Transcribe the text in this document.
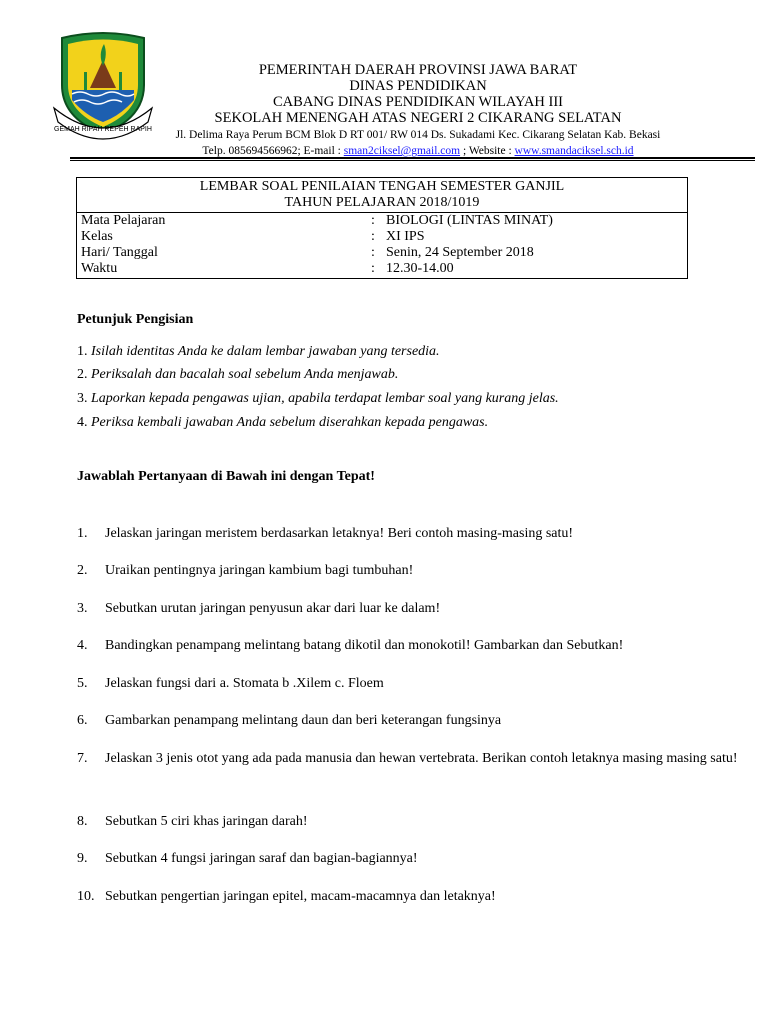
GEMAH RIPAH REPEH RAPIH
PEMERINTAH DAERAH PROVINSI JAWA BARAT
DINAS PENDIDIKAN
CABANG DINAS PENDIDIKAN WILAYAH III
SEKOLAH MENENGAH ATAS NEGERI 2 CIKARANG SELATAN
Jl. Delima Raya Perum BCM Blok D RT 001/ RW 014 Ds. Sukadami Kec. Cikarang Selatan Kab. Bekasi
Telp. 085694566962; E-mail : sman2ciksel@gmail.com ; Website : www.smandaciksel.sch.id
LEMBAR SOAL PENILAIAN TENGAH SEMESTER GANJIL
TAHUN PELAJARAN 2018/1019
Mata Pelajaran	: BIOLOGI (LINTAS MINAT)
Kelas	: XI IPS
Hari/ Tanggal	: Senin, 24 September 2018
Waktu	: 12.30-14.00
Petunjuk Pengisian
1. Isilah identitas Anda ke dalam lembar jawaban yang tersedia.
2. Periksalah dan bacalah soal sebelum Anda menjawab.
3. Laporkan kepada pengawas ujian, apabila terdapat lembar soal yang kurang jelas.
4. Periksa kembali jawaban Anda sebelum diserahkan kepada pengawas.
Jawablah Pertanyaan di Bawah ini dengan Tepat!
1. Jelaskan jaringan meristem berdasarkan letaknya! Beri contoh masing-masing satu!
2. Uraikan pentingnya jaringan kambium bagi tumbuhan!
3. Sebutkan urutan jaringan penyusun akar dari luar ke dalam!
4. Bandingkan penampang melintang batang dikotil dan monokotil! Gambarkan dan Sebutkan!
5. Jelaskan fungsi dari a. Stomata b .Xilem c. Floem
6. Gambarkan penampang melintang daun dan beri keterangan fungsinya
7. Jelaskan 3 jenis otot yang ada pada manusia dan hewan vertebrata. Berikan contoh letaknya masing masing satu!
8. Sebutkan 5 ciri khas jaringan darah!
9. Sebutkan 4 fungsi jaringan saraf dan bagian-bagiannya!
10. Sebutkan pengertian jaringan epitel, macam-macamnya dan letaknya!
